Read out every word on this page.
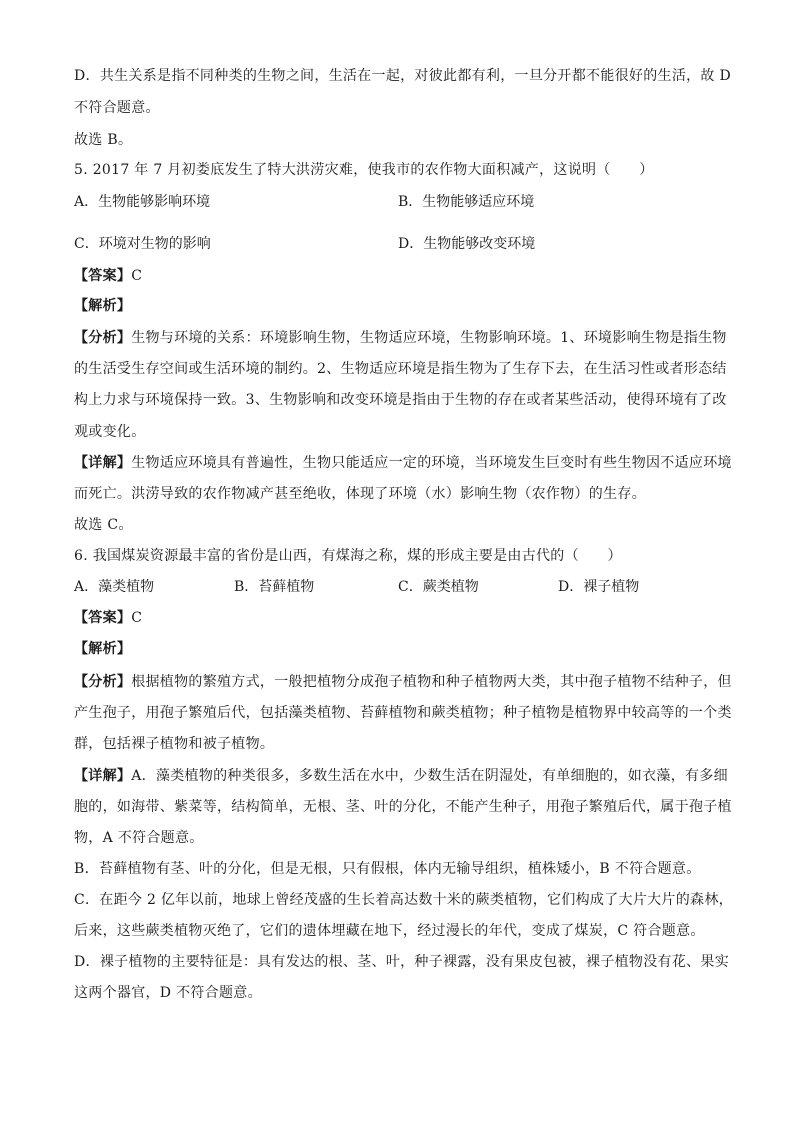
D．共生关系是指不同种类的生物之间，生活在一起，对彼此都有利，一旦分开都不能很好的生活，故 D
不符合题意。
故选 B。
5. 2017 年 7 月初娄底发生了特大洪涝灾难，使我市的农作物大面积减产，这说明（　　）
A．生物能够影响环境	B．生物能够适应环境
C．环境对生物的影响	D．生物能够改变环境
【答案】C
【解析】
【分析】生物与环境的关系：环境影响生物，生物适应环境，生物影响环境。1、环境影响生物是指生物
的生活受生存空间或生活环境的制约。2、生物适应环境是指生物为了生存下去，在生活习性或者形态结
构上力求与环境保持一致。3、生物影响和改变环境是指由于生物的存在或者某些活动，使得环境有了改
观或变化。
【详解】生物适应环境具有普遍性，生物只能适应一定的环境，当环境发生巨变时有些生物因不适应环境
而死亡。洪涝导致的农作物减产甚至绝收，体现了环境（水）影响生物（农作物）的生存。
故选 C。
6. 我国煤炭资源最丰富的省份是山西，有煤海之称，煤的形成主要是由古代的（　　）
A．藻类植物	B．苔藓植物	C．蕨类植物	D．裸子植物
【答案】C
【解析】
【分析】根据植物的繁殖方式，一般把植物分成孢子植物和种子植物两大类，其中孢子植物不结种子，但
产生孢子，用孢子繁殖后代，包括藻类植物、苔藓植物和蕨类植物；种子植物是植物界中较高等的一个类
群，包括裸子植物和被子植物。
【详解】A．藻类植物的种类很多，多数生活在水中，少数生活在阴湿处，有单细胞的，如衣藻，有多细
胞的，如海带、紫菜等，结构简单，无根、茎、叶的分化，不能产生种子，用孢子繁殖后代，属于孢子植
物，A 不符合题意。
B．苔藓植物有茎、叶的分化，但是无根，只有假根，体内无输导组织，植株矮小，B 不符合题意。
C．在距今 2 亿年以前，地球上曾经茂盛的生长着高达数十米的蕨类植物，它们构成了大片大片的森林，
后来，这些蕨类植物灭绝了，它们的遗体埋藏在地下，经过漫长的年代，变成了煤炭，C 符合题意。
D．裸子植物的主要特征是：具有发达的根、茎、叶，种子裸露，没有果皮包被，裸子植物没有花、果实
这两个器官，D 不符合题意。
